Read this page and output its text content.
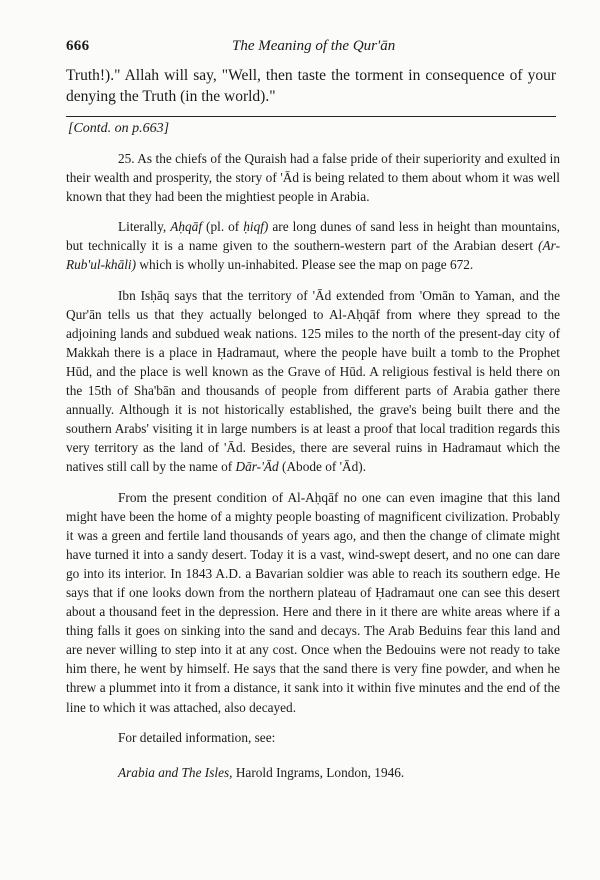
666	The Meaning of the Qur'ān
Truth!)." Allah will say, "Well, then taste the torment in consequence of your denying the Truth (in the world)."
[Contd. on p.663]

25. As the chiefs of the Quraish had a false pride of their superiority and exulted in their wealth and prosperity, the story of 'Ād is being related to them about whom it was well known that they had been the mightiest people in Arabia.

Literally, Aḥqāf (pl. of ḥiqf) are long dunes of sand less in height than mountains, but technically it is a name given to the southern-western part of the Arabian desert (Ar-Rub'ul-khāli) which is wholly un-inhabited. Please see the map on page 672.

Ibn Isḥāq says that the territory of 'Ād extended from 'Omān to Yaman, and the Qur'ān tells us that they actually belonged to Al-Aḥqāf from where they spread to the adjoining lands and subdued weak nations. 125 miles to the north of the present-day city of Makkah there is a place in Ḥadramaut, where the people have built a tomb to the Prophet Hūd, and the place is well known as the Grave of Hūd. A religious festival is held there on the 15th of Sha'bān and thousands of people from different parts of Arabia gather there annually. Although it is not historically established, the grave's being built there and the southern Arabs' visiting it in large numbers is at least a proof that local tradition regards this very territory as the land of 'Ād. Besides, there are several ruins in Hadramaut which the natives still call by the name of Dār-'Ād (Abode of 'Ād).

From the present condition of Al-Aḥqāf no one can even imagine that this land might have been the home of a mighty people boasting of magnificent civilization. Probably it was a green and fertile land thousands of years ago, and then the change of climate might have turned it into a sandy desert. Today it is a vast, wind-swept desert, and no one can dare go into its interior. In 1843 A.D. a Bavarian soldier was able to reach its southern edge. He says that if one looks down from the northern plateau of Ḥadramaut one can see this desert about a thousand feet in the depression. Here and there in it there are white areas where if a thing falls it goes on sinking into the sand and decays. The Arab Beduins fear this land and are never willing to step into it at any cost. Once when the Bedouins were not ready to take him there, he went by himself. He says that the sand there is very fine powder, and when he threw a plummet into it from a distance, it sank into it within five minutes and the end of the line to which it was attached, also decayed.

For detailed information, see:

Arabia and The Isles, Harold Ingrams, London, 1946.
